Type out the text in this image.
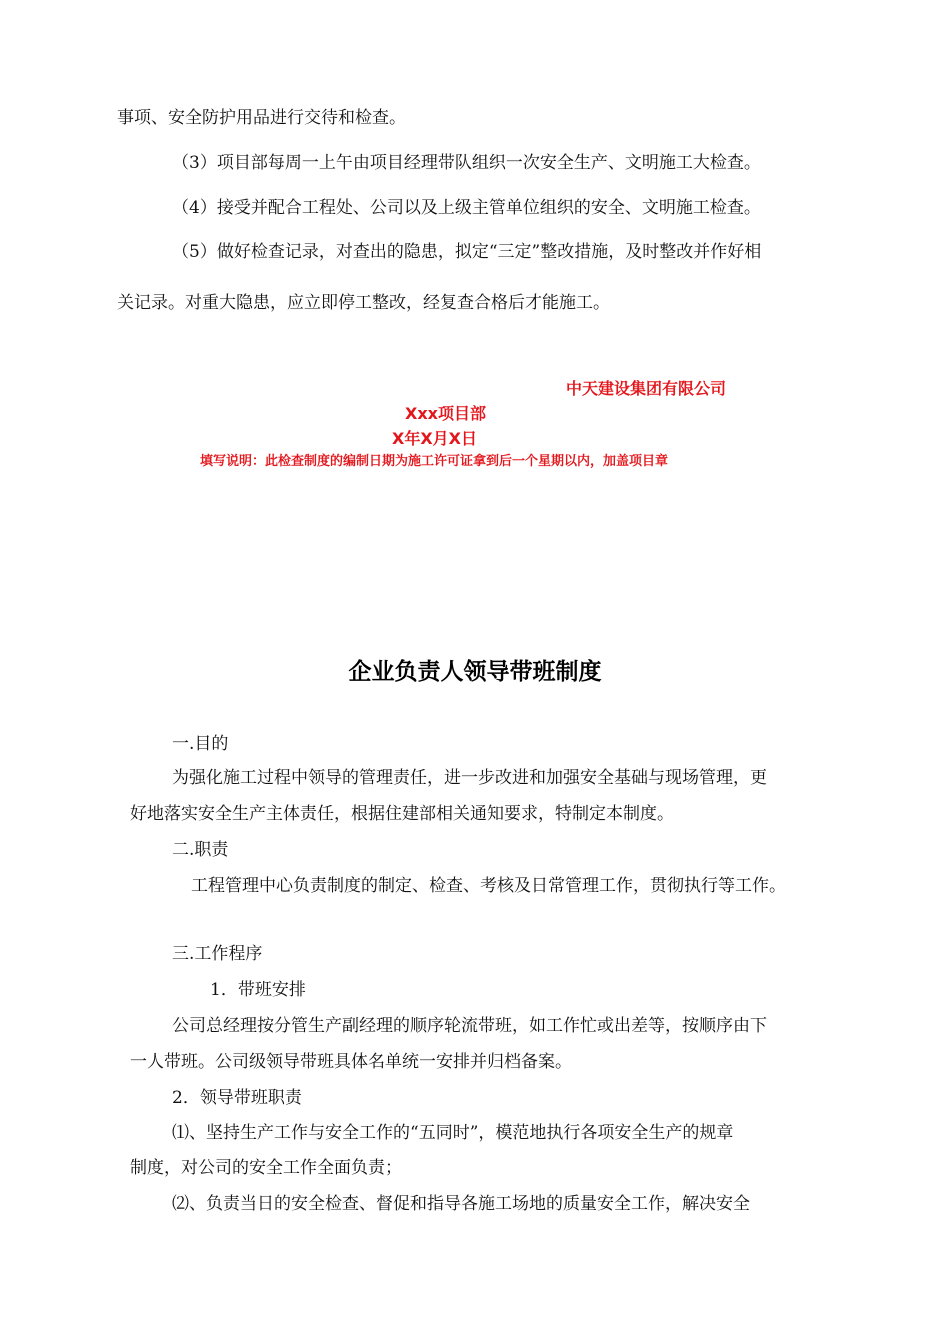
事项、安全防护用品进行交待和检查。

（3）项目部每周一上午由项目经理带队组织一次安全生产、文明施工大检查。

（4）接受并配合工程处、公司以及上级主管单位组织的安全、文明施工检查。

（5）做好检查记录，对查出的隐患，拟定“三定”整改措施，及时整改并作好相

关记录。对重大隐患，应立即停工整改，经复查合格后才能施工。

中天建设集团有限公司

Xxx项目部

X年X月X日

填写说明：此检查制度的编制日期为施工许可证拿到后一个星期以内，加盖项目章

企业负责人领导带班制度

一.目的

为强化施工过程中领导的管理责任，进一步改进和加强安全基础与现场管理，更

好地落实安全生产主体责任，根据住建部相关通知要求，特制定本制度。

二.职责

工程管理中心负责制度的制定、检查、考核及日常管理工作，贯彻执行等工作。

三.工作程序

1．带班安排

公司总经理按分管生产副经理的顺序轮流带班，如工作忙或出差等，按顺序由下

一人带班。公司级领导带班具体名单统一安排并归档备案。

2．领导带班职责

⑴、坚持生产工作与安全工作的“五同时”，模范地执行各项安全生产的规章

制度，对公司的安全工作全面负责；

⑵、负责当日的安全检查、督促和指导各施工场地的质量安全工作，解决安全
